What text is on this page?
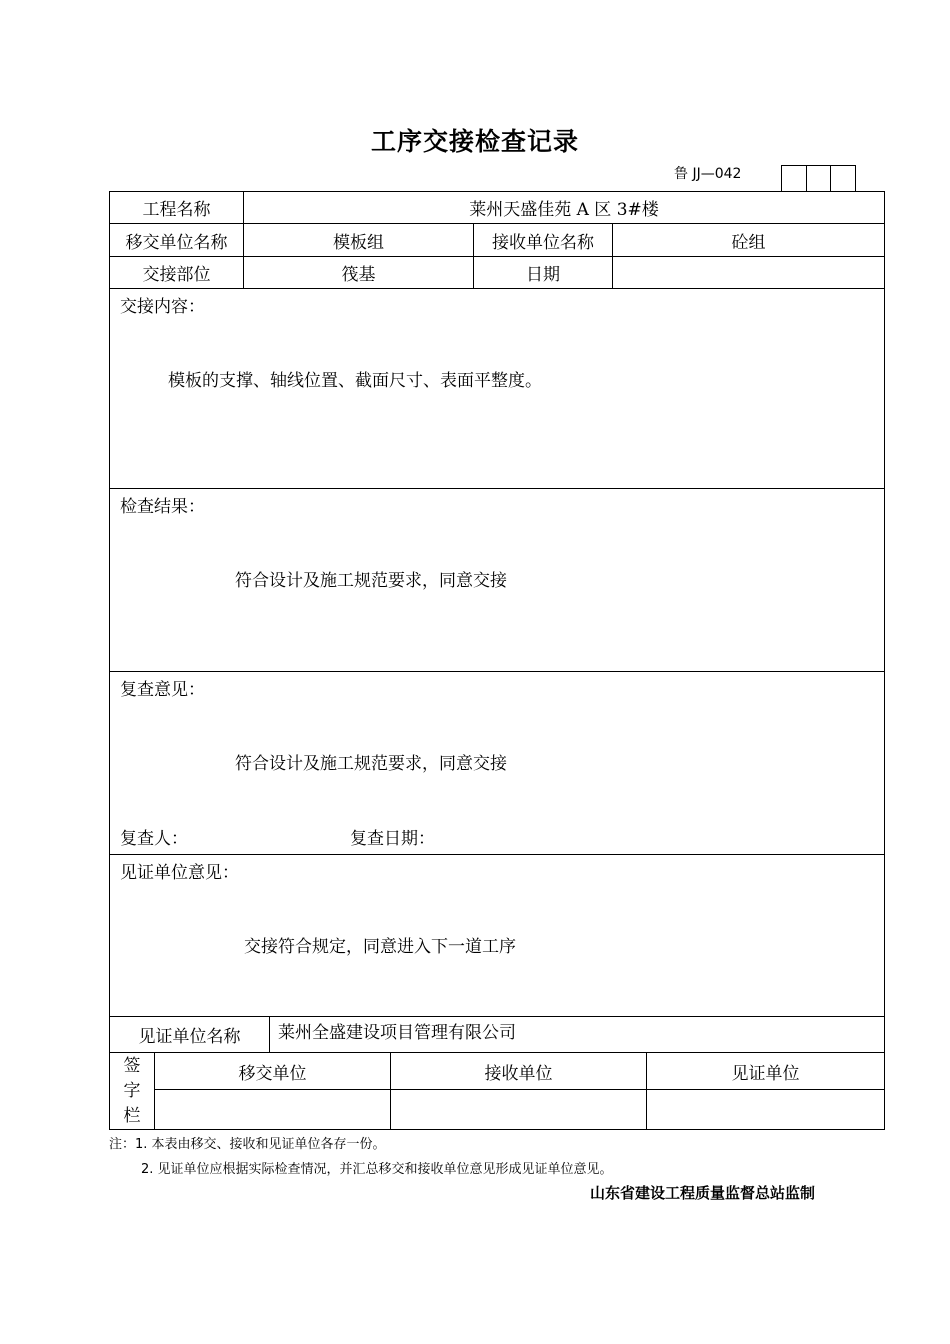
工序交接检查记录
鲁 JJ—042
工程名称	莱州天盛佳苑 A 区 3#楼
移交单位名称	模板组	接收单位名称	砼组
交接部位	筏基	日期
交接内容：
模板的支撑、轴线位置、截面尺寸、表面平整度。
检查结果：
符合设计及施工规范要求，同意交接
复查意见：
符合设计及施工规范要求，同意交接
复查人：	复查日期：
见证单位意见：
交接符合规定，同意进入下一道工序
见证单位名称	莱州全盛建设项目管理有限公司
签
字
栏
移交单位	接收单位	见证单位
注：1. 本表由移交、接收和见证单位各存一份。
2. 见证单位应根据实际检查情况，并汇总移交和接收单位意见形成见证单位意见。
山东省建设工程质量监督总站监制
